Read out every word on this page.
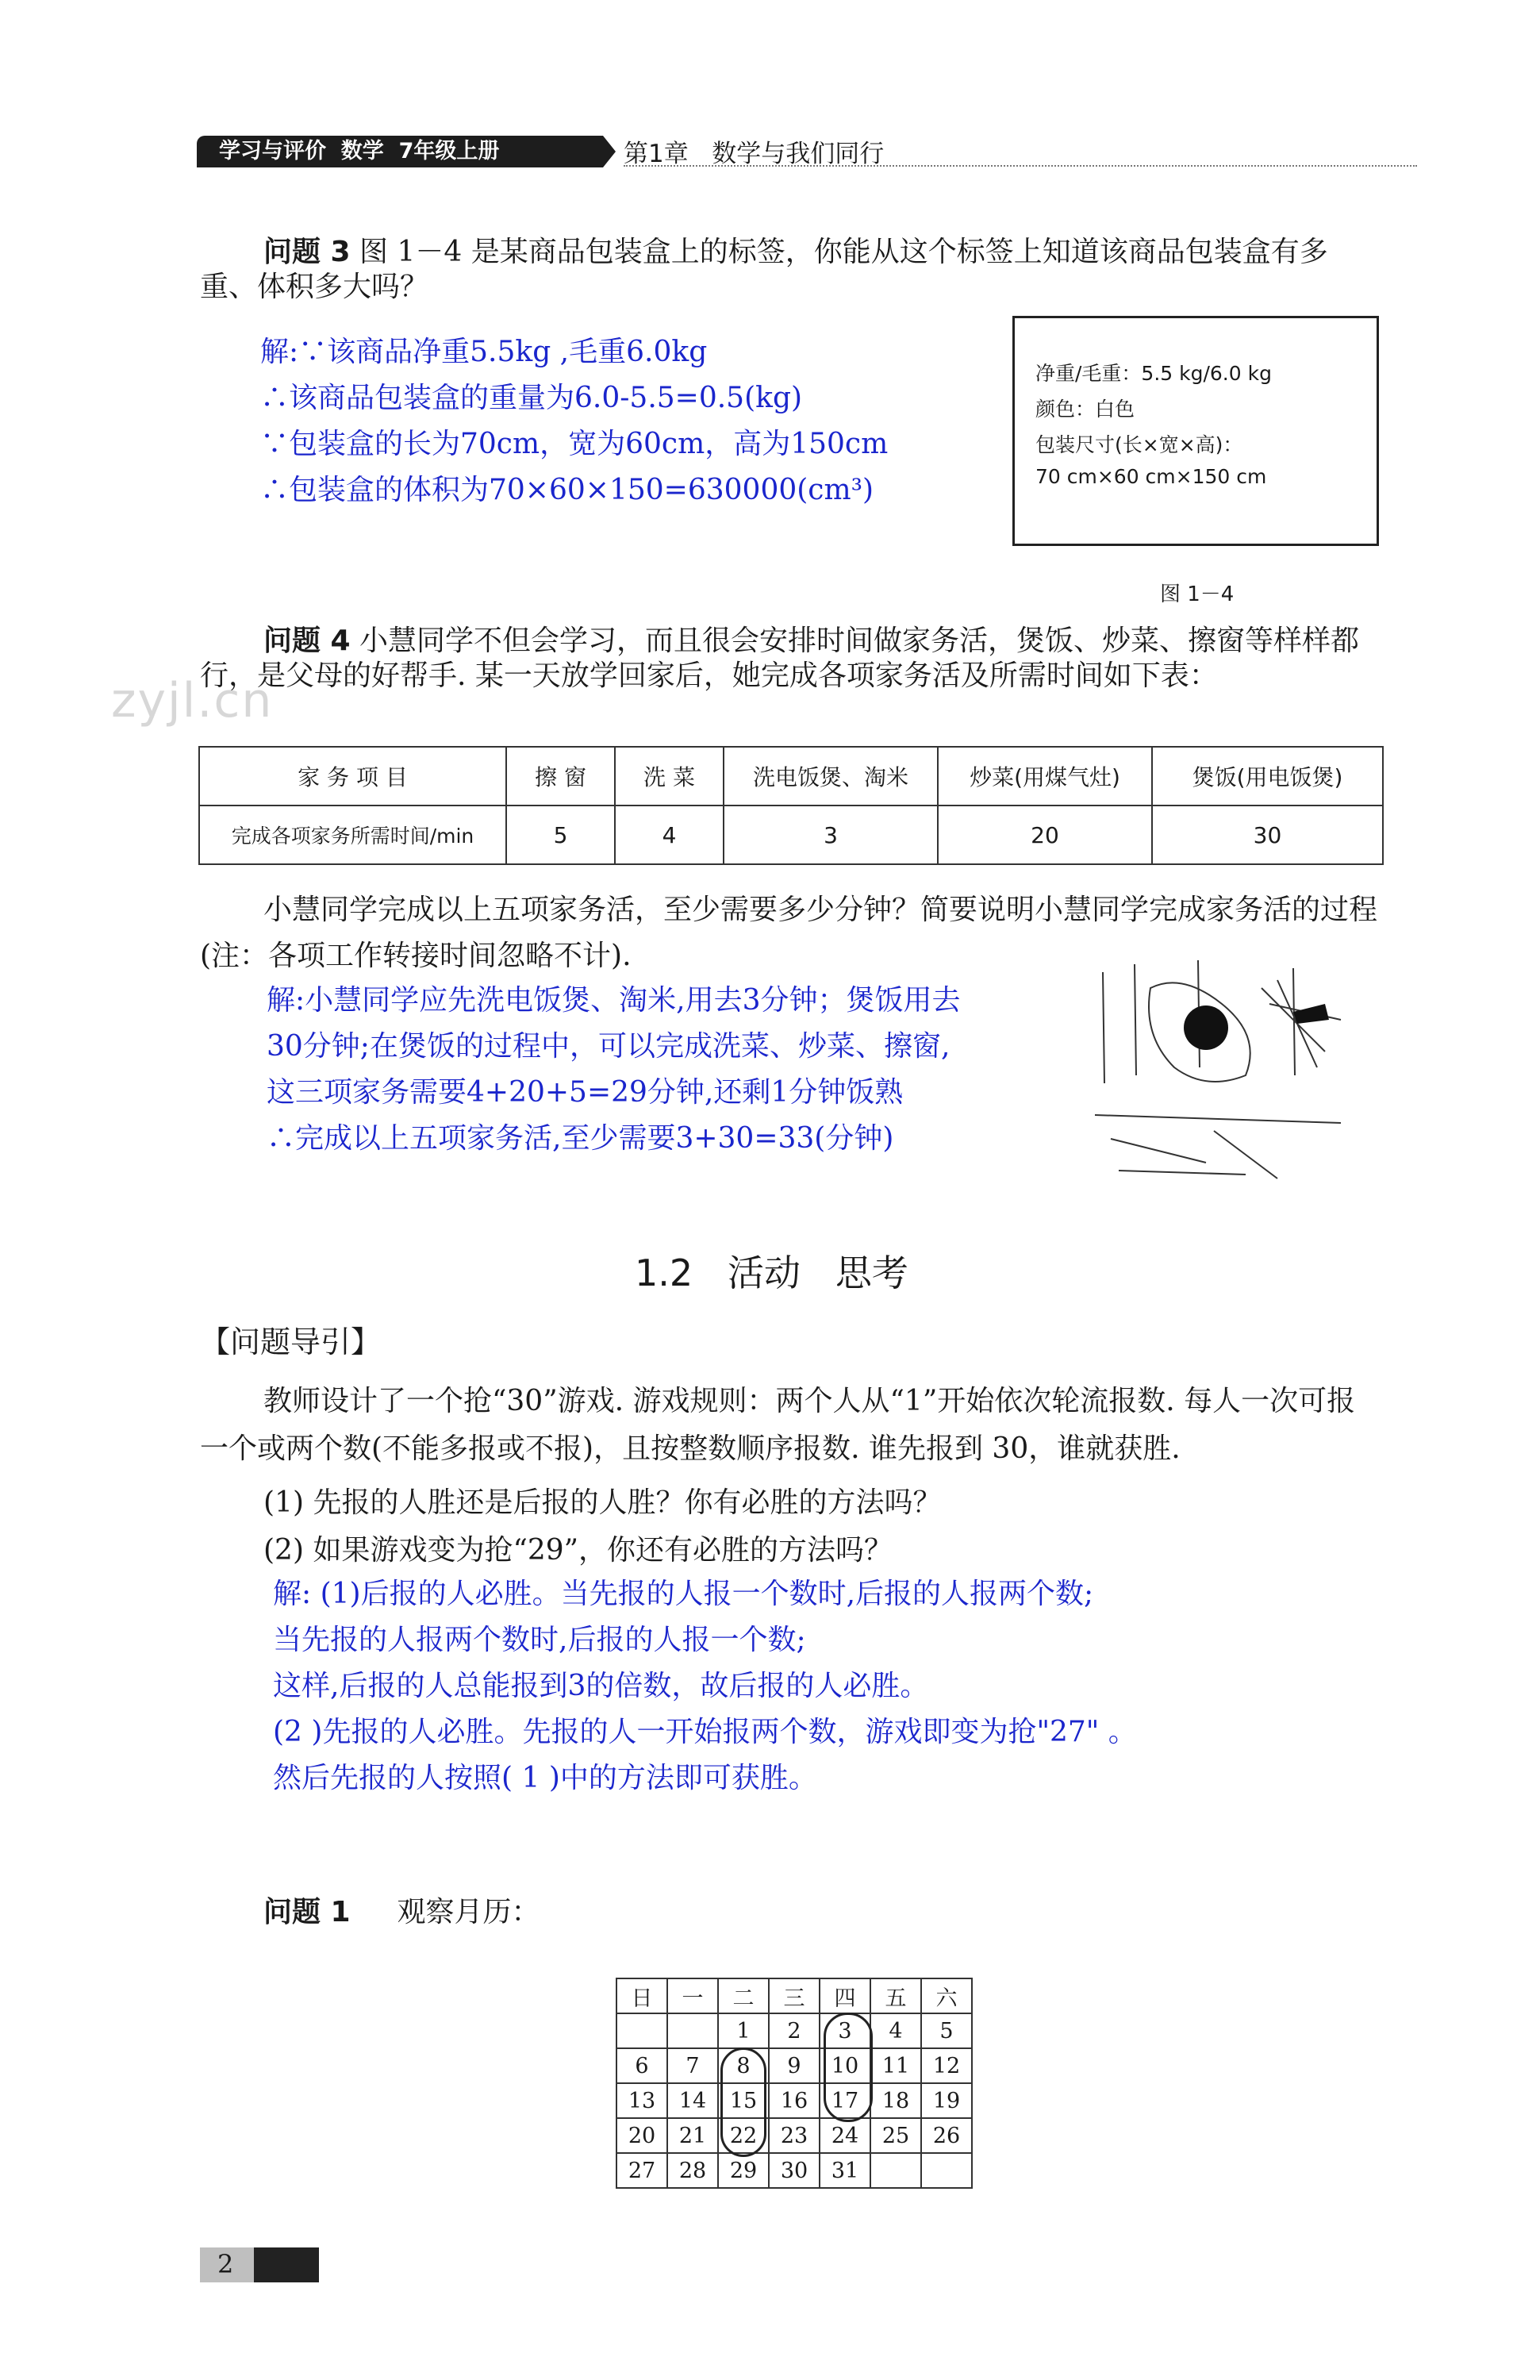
学习与评价  数学  7年级上册	第1章   数学与我们同行
问题 3 图 1－4 是某商品包装盒上的标签，你能从这个标签上知道该商品包装盒有多重、体积多大吗？
解:∵该商品净重5.5kg ,毛重6.0kg
∴该商品包装盒的重量为6.0-5.5=0.5(kg)
∵包装盒的长为70cm，宽为60cm，高为150cm
∴包装盒的体积为70×60×150=630000(cm³)
净重/毛重：5.5 kg/6.0 kg
颜色：白色
包装尺寸(长×宽×高)：
70 cm×60 cm×150 cm
图 1－4
问题 4 小慧同学不但会学习，而且很会安排时间做家务活，煲饭、炒菜、擦窗等样样都行，是父母的好帮手. 某一天放学回家后，她完成各项家务活及所需时间如下表：
zyjl.cn
家 务 项 目	擦 窗	洗 菜	洗电饭煲、淘米	炒菜(用煤气灶)	煲饭(用电饭煲)
完成各项家务所需时间/min	5	4	3	20	30
小慧同学完成以上五项家务活，至少需要多少分钟？简要说明小慧同学完成家务活的过程(注：各项工作转接时间忽略不计).
解:小慧同学应先洗电饭煲、淘米,用去3分钟；煲饭用去
30分钟;在煲饭的过程中，可以完成洗菜、炒菜、擦窗,
这三项家务需要4+20+5=29分钟,还剩1分钟饭熟
∴完成以上五项家务活,至少需要3+30=33(分钟)
1.2   活动   思考
【问题导引】
教师设计了一个抢“30”游戏. 游戏规则：两个人从“1”开始依次轮流报数. 每人一次可报一个或两个数(不能多报或不报)，且按整数顺序报数. 谁先报到 30，谁就获胜.
(1) 先报的人胜还是后报的人胜？你有必胜的方法吗？
(2) 如果游戏变为抢“29”，你还有必胜的方法吗？
解: (1)后报的人必胜。当先报的人报一个数时,后报的人报两个数;
当先报的人报两个数时,后报的人报一个数;
这样,后报的人总能报到3的倍数，故后报的人必胜。
(2 )先报的人必胜。先报的人一开始报两个数，游戏即变为抢"27" 。
然后先报的人按照( 1 )中的方法即可获胜。
问题 1 观察月历：
日	一	二	三	四	五	六
		1	2	3	4	5
6	7	8	9	10	11	12
13	14	15	16	17	18	19
20	21	22	23	24	25	26
27	28	29	30	31		
2
